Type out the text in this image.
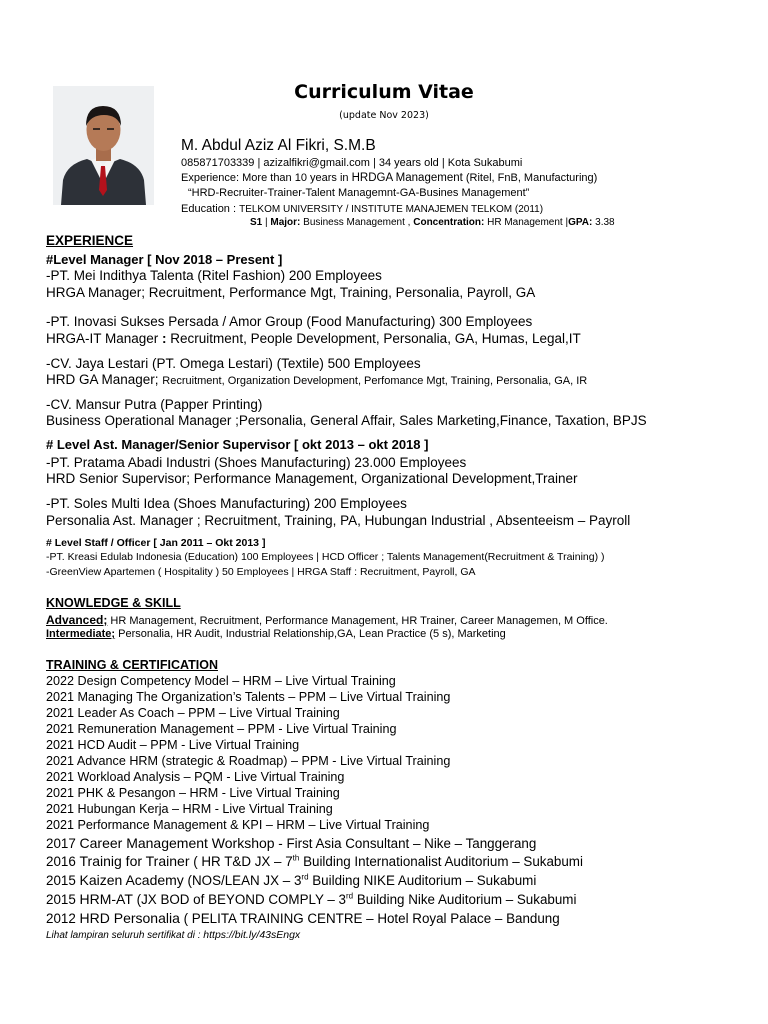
Curriculum Vitae
(update Nov 2023)
M. Abdul Aziz Al Fikri, S.M.B
085871703339 | azizalfikri@gmail.com | 34 years old | Kota Sukabumi
Experience: More than 10 years in HRDGA Management (Ritel, FnB, Manufacturing)
“HRD-Recruiter-Trainer-Talent Managemnt-GA-Busines Management”
Education : TELKOM UNIVERSITY / INSTITUTE MANAJEMEN TELKOM (2011)
S1 | Major: Business Management , Concentration: HR Management |GPA: 3.38
EXPERIENCE
#Level Manager [ Nov 2018 – Present ]
-PT. Mei Indithya Talenta (Ritel Fashion) 200 Employees
HRGA Manager; Recruitment, Performance Mgt, Training, Personalia, Payroll, GA
-PT. Inovasi Sukses Persada / Amor Group (Food Manufacturing) 300 Employees
HRGA-IT Manager : Recruitment, People Development, Personalia, GA, Humas, Legal,IT
-CV. Jaya Lestari (PT. Omega Lestari) (Textile) 500 Employees
HRD GA Manager; Recruitment, Organization Development, Perfomance Mgt, Training, Personalia, GA, IR
-CV. Mansur Putra (Papper Printing)
Business Operational Manager ;Personalia, General Affair, Sales Marketing,Finance, Taxation, BPJS
# Level Ast. Manager/Senior Supervisor [ okt 2013 – okt 2018 ]
-PT. Pratama Abadi Industri (Shoes Manufacturing) 23.000 Employees
HRD Senior Supervisor; Performance Management, Organizational Development,Trainer
-PT. Soles Multi Idea (Shoes Manufacturing) 200 Employees
Personalia Ast. Manager ; Recruitment, Training, PA, Hubungan Industrial , Absenteeism – Payroll
# Level Staff / Officer [ Jan 2011 – Okt 2013 ]
-PT. Kreasi Edulab Indonesia (Education) 100 Employees | HCD Officer ; Talents Management(Recruitment & Training) )
-GreenView Apartemen ( Hospitality ) 50 Employees | HRGA Staff : Recruitment, Payroll, GA
KNOWLEDGE & SKILL
Advanced; HR Management, Recruitment, Performance Management, HR Trainer, Career Managemen, M Office.
Intermediate; Personalia, HR Audit, Industrial Relationship,GA, Lean Practice (5 s), Marketing
TRAINING & CERTIFICATION
2022 Design Competency Model – HRM – Live Virtual Training
2021 Managing The Organization’s Talents – PPM – Live Virtual Training
2021 Leader As Coach – PPM – Live Virtual Training
2021 Remuneration Management – PPM - Live Virtual Training
2021 HCD Audit – PPM - Live Virtual Training
2021 Advance HRM (strategic & Roadmap) – PPM - Live Virtual Training
2021 Workload Analysis – PQM - Live Virtual Training
2021 PHK & Pesangon – HRM - Live Virtual Training
2021 Hubungan Kerja – HRM - Live Virtual Training
2021 Performance Management & KPI – HRM – Live Virtual Training
2017 Career Management Workshop - First Asia Consultant – Nike – Tanggerang
2016 Trainig for Trainer ( HR T&D JX – 7th Building Internationalist Auditorium – Sukabumi
2015 Kaizen Academy (NOS/LEAN JX – 3rd Building NIKE Auditorium – Sukabumi
2015 HRM-AT (JX BOD of BEYOND COMPLY – 3rd Building Nike Auditorium – Sukabumi
2012 HRD Personalia ( PELITA TRAINING CENTRE – Hotel Royal Palace – Bandung
Lihat lampiran seluruh sertifikat di : https://bit.ly/43sEngx
